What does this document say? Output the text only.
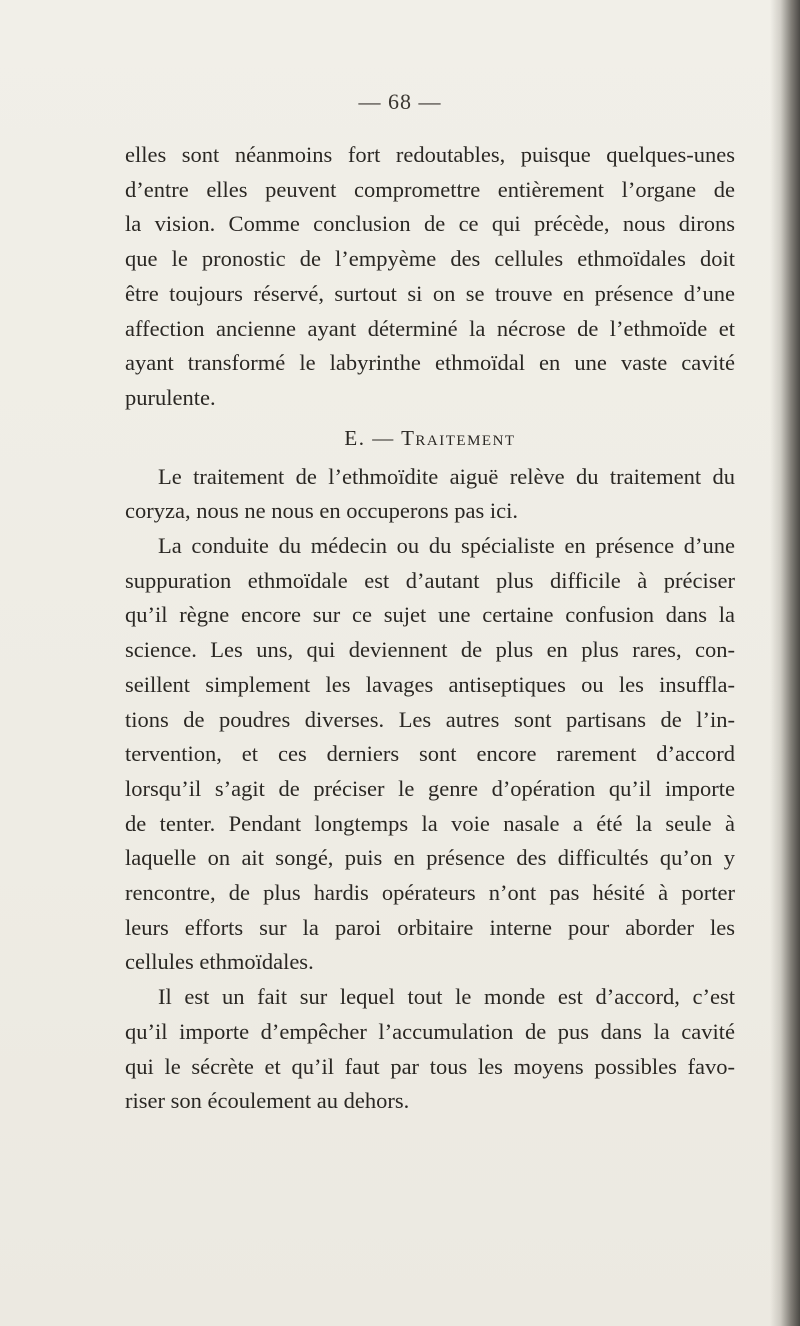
— 68 —

elles sont néanmoins fort redoutables, puisque quelques-unes
d’entre elles peuvent compromettre entièrement l’organe de
la vision. Comme conclusion de ce qui précède, nous dirons
que le pronostic de l’empyème des cellules ethmoïdales doit
être toujours réservé, surtout si on se trouve en présence d’une
affection ancienne ayant déterminé la nécrose de l’ethmoïde et
ayant transformé le labyrinthe ethmoïdal en une vaste cavité
purulente.

E. — Traitement

Le traitement de l’ethmoïdite aiguë relève du traitement du
coryza, nous ne nous en occuperons pas ici.

La conduite du médecin ou du spécialiste en présence d’une
suppuration ethmoïdale est d’autant plus difficile à préciser
qu’il règne encore sur ce sujet une certaine confusion dans la
science. Les uns, qui deviennent de plus en plus rares, con-
seillent simplement les lavages antiseptiques ou les insuffla-
tions de poudres diverses. Les autres sont partisans de l’in-
tervention, et ces derniers sont encore rarement d’accord
lorsqu’il s’agit de préciser le genre d’opération qu’il importe
de tenter. Pendant longtemps la voie nasale a été la seule à
laquelle on ait songé, puis en présence des difficultés qu’on y
rencontre, de plus hardis opérateurs n’ont pas hésité à porter
leurs efforts sur la paroi orbitaire interne pour aborder les
cellules ethmoïdales.

Il est un fait sur lequel tout le monde est d’accord, c’est
qu’il importe d’empêcher l’accumulation de pus dans la cavité
qui le sécrète et qu’il faut par tous les moyens possibles favo-
riser son écoulement au dehors.
